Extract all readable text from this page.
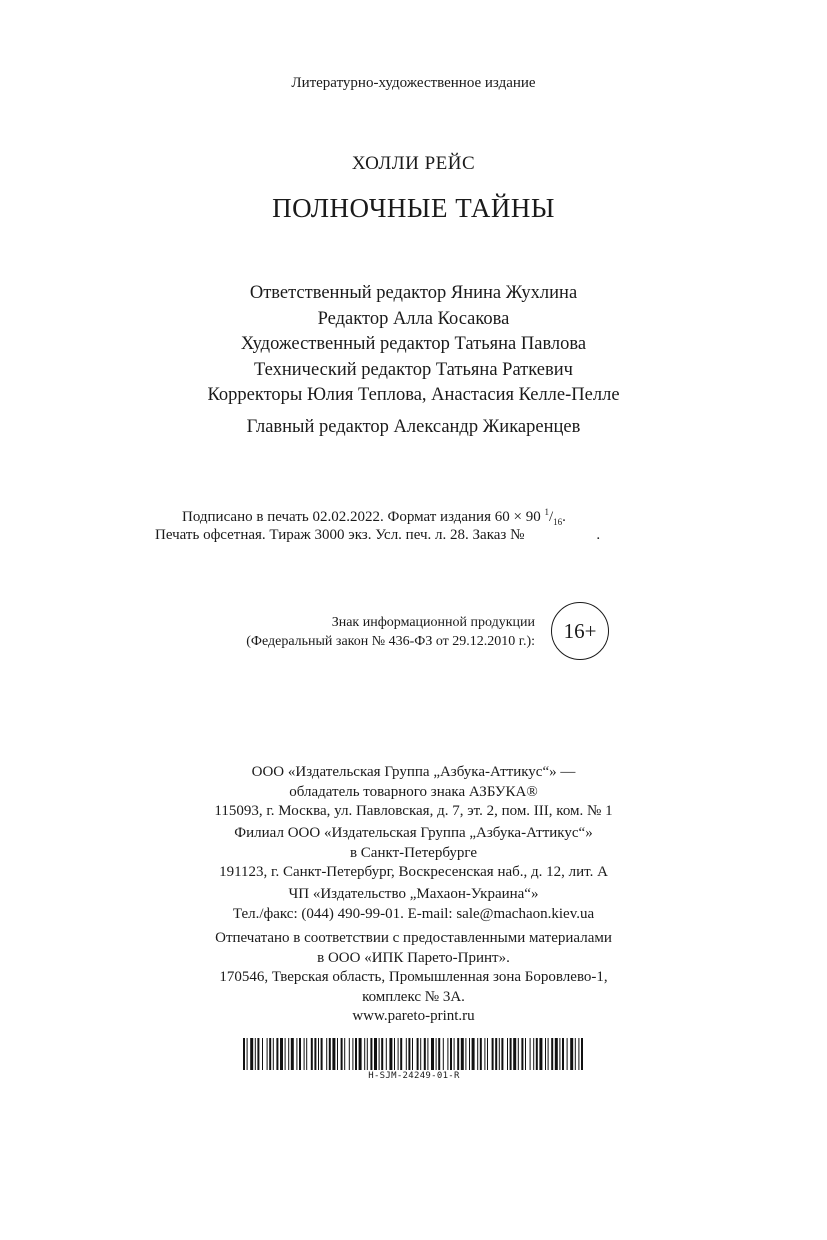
Литературно-художественное издание
ХОЛЛИ РЕЙС
ПОЛНОЧНЫЕ ТАЙНЫ
Ответственный редактор Янина Жухлина
Редактор Алла Косакова
Художественный редактор Татьяна Павлова
Технический редактор Татьяна Раткевич
Корректоры Юлия Теплова, Анастасия Келле-Пелле
Главный редактор Александр Жикаренцев
Подписано в печать 02.02.2022. Формат издания 60 × 90 $^1/_{16}$.
Печать офсетная. Тираж 3000 экз. Усл. печ. л. 28. Заказ №	.
Знак информационной продукции
(Федеральный закон № 436-ФЗ от 29.12.2010 г.):	16+
ООО «Издательская Группа „Азбука-Аттикус“» —
обладатель товарного знака АЗБУКА®
115093, г. Москва, ул. Павловская, д. 7, эт. 2, пом. III, ком. № 1
Филиал ООО «Издательская Группа „Азбука-Аттикус“»
в Санкт-Петербурге
191123, г. Санкт-Петербург, Воскресенская наб., д. 12, лит. А
ЧП «Издательство „Махаон-Украина“»
Тел./факс: (044) 490-99-01. E-mail: sale@machaon.kiev.ua
Отпечатано в соответствии с предоставленными материалами
в ООО «ИПК Парето-Принт».
170546, Тверская область, Промышленная зона Боровлево-1,
комплекс № 3А.
www.pareto-print.ru
H-SJM-24249-01-R
